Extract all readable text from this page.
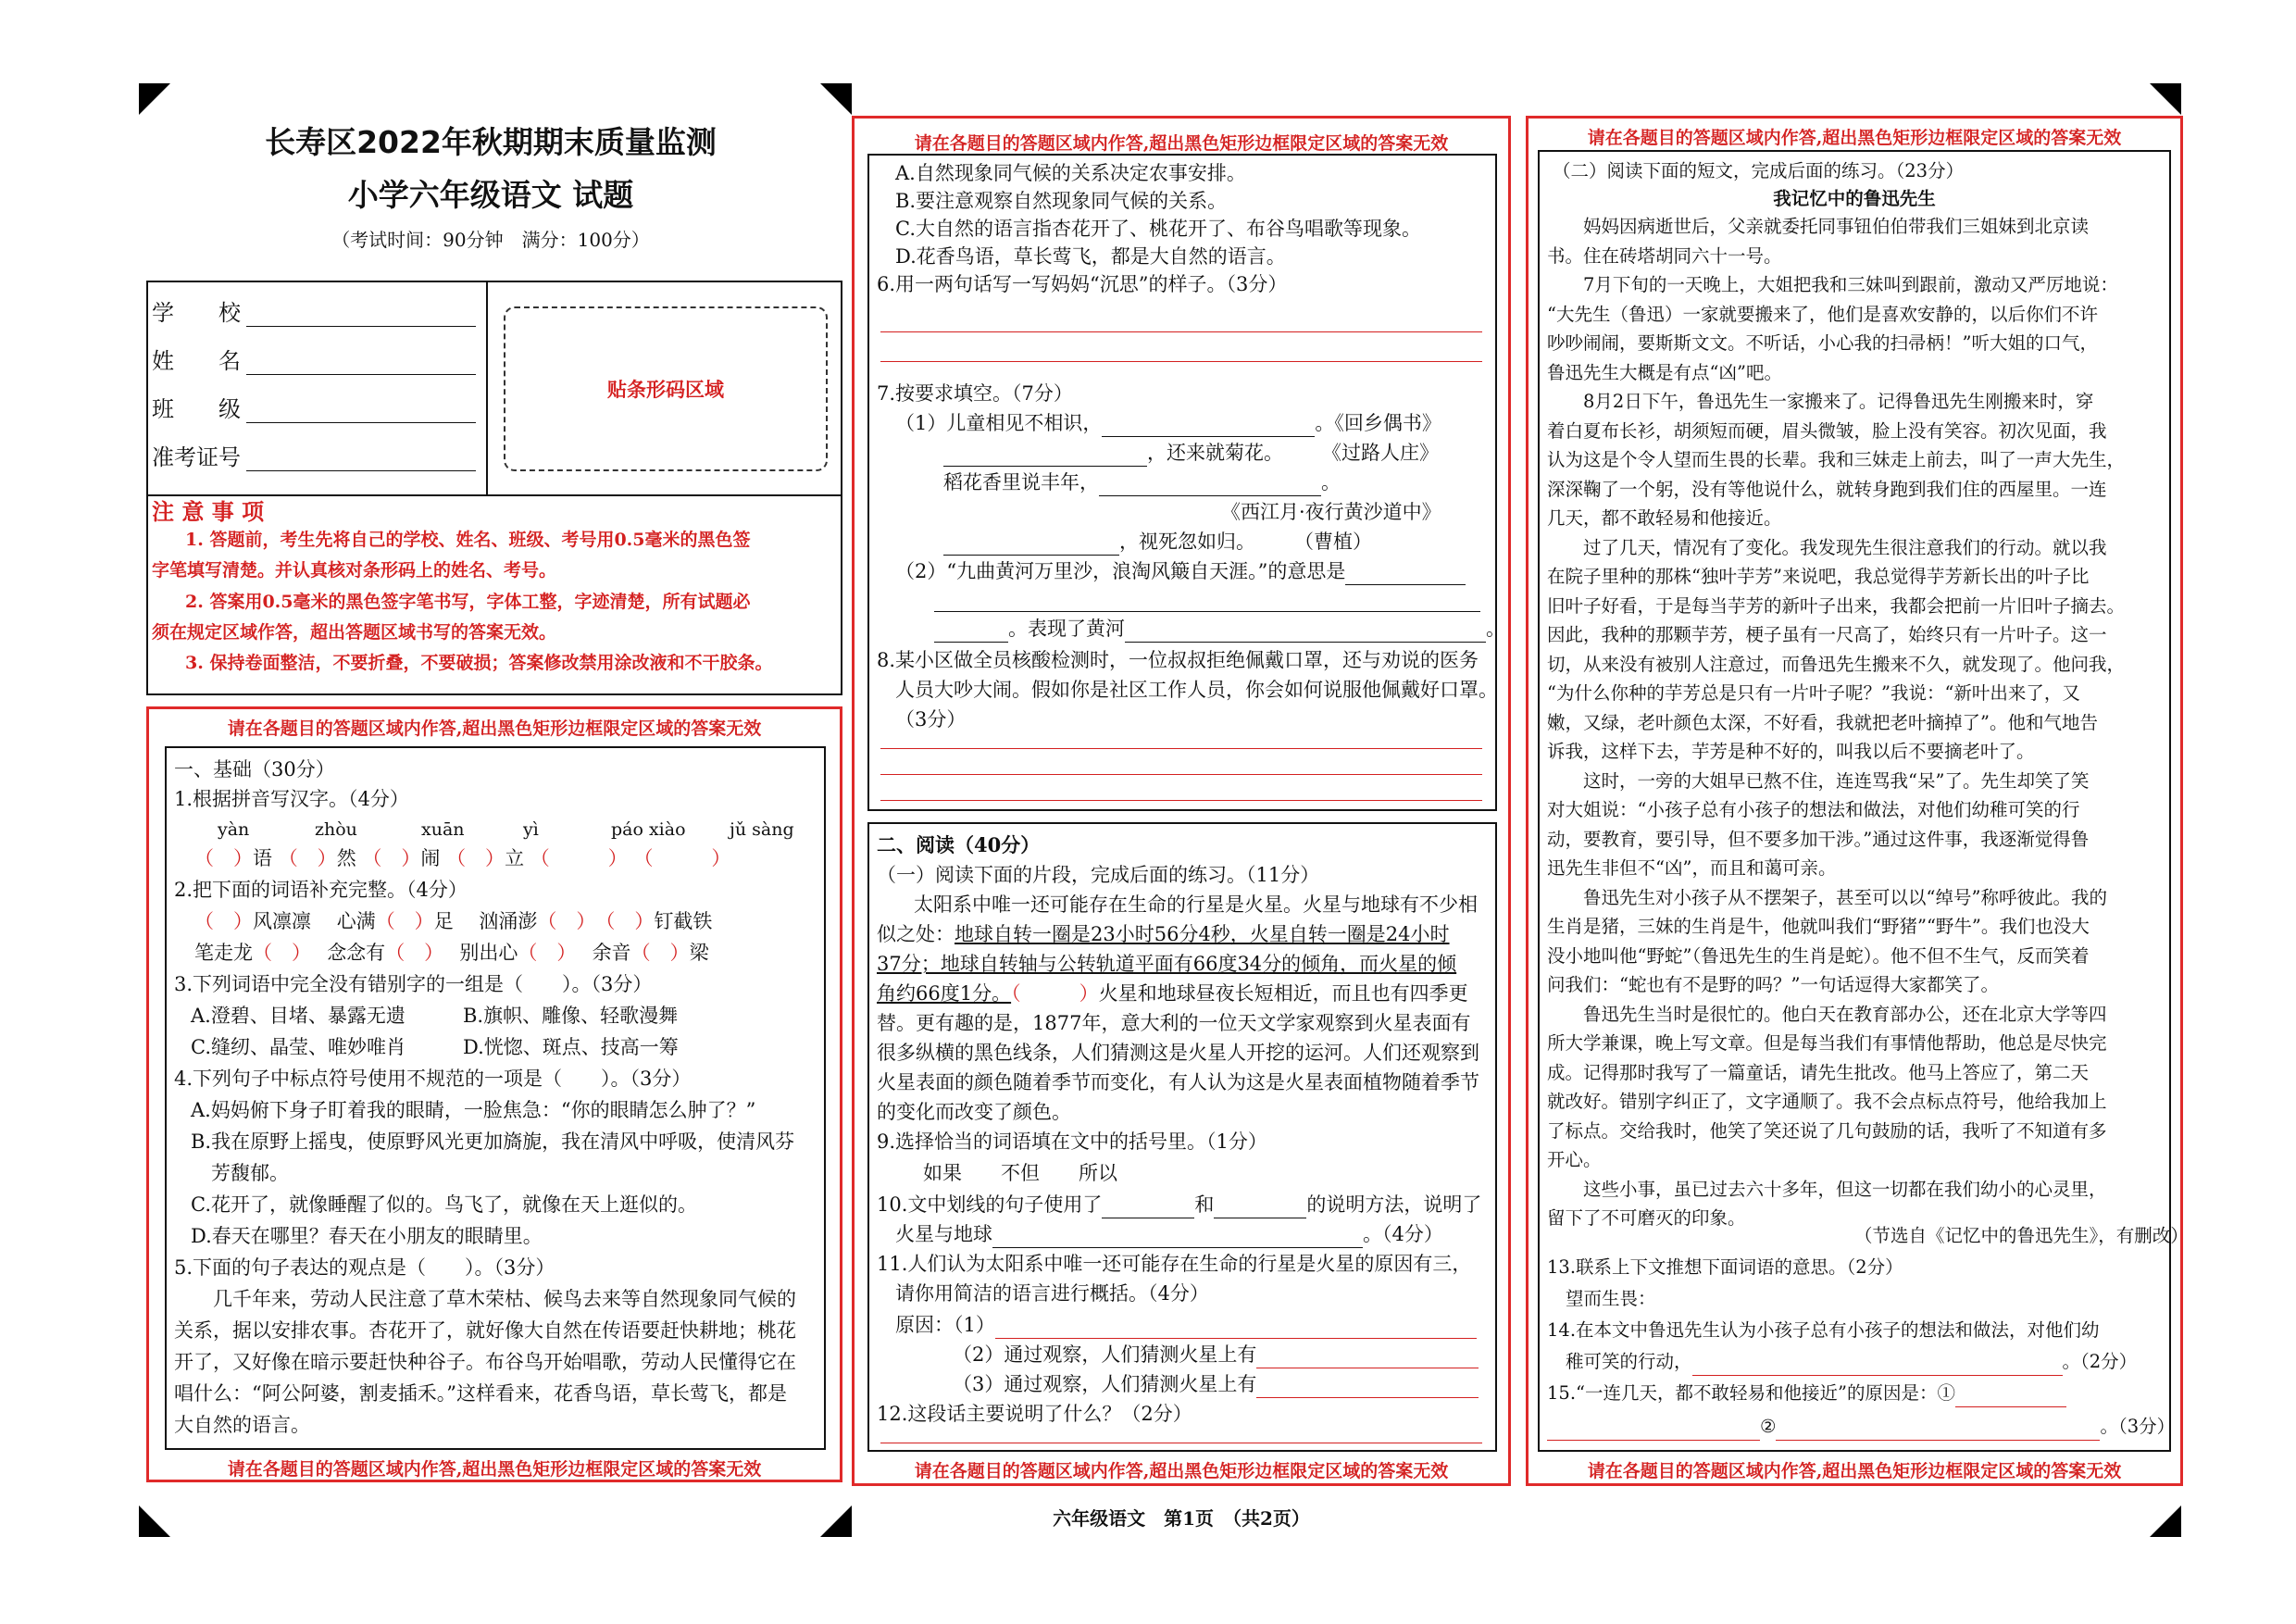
长寿区2022年秋期期末质量监测
小学六年级语文 试题
（考试时间：90分钟　满分：100分）
学　　校
姓　　名
班　　级
准考证号
贴条形码区域
注 意 事 项
1. 答题前，考生先将自己的学校、姓名、班级、考号用0.5毫米的黑色签
字笔填写清楚。并认真核对条形码上的姓名、考号。
2. 答案用0.5毫米的黑色签字笔书写，字体工整，字迹清楚，所有试题必
须在规定区域作答，超出答题区域书写的答案无效。
3. 保持卷面整洁，不要折叠，不要破损；答案修改禁用涂改液和不干胶条。
请在各题目的答题区域内作答,超出黑色矩形边框限定区域的答案无效
请在各题目的答题区域内作答,超出黑色矩形边框限定区域的答案无效
一、基础（30分）
1.根据拼音写汉字。（4分）
yàn	zhòu	xuān	yì	páo xiào jǔ sàng
（　）语 （　）然 （　）闹 （　）立 （　　　） （　　　）
2.把下面的词语补充完整。（4分）
（　）风凛凛　 心满（　）足　 汹涌澎（　）　 （　）钉截铁
笔走龙（　）　 念念有（　）　 别出心（　）　 余音（　）梁
3.下列词语中完全没有错别字的一组是（　　）。（3分）
A.澄碧、目堵、暴露无遗	B.旗帜、雕像、轻歌漫舞
C.缝纫、晶莹、唯妙唯肖	D.恍惚、斑点、技高一筹
4.下列句子中标点符号使用不规范的一项是（　　）。（3分）
A.妈妈俯下身子盯着我的眼睛，一脸焦急：“你的眼睛怎么肿了？”
B.我在原野上摇曳，使原野风光更加旖旎，我在清风中呼吸，使清风芬
芳馥郁。
C.花开了，就像睡醒了似的。鸟飞了，就像在天上逛似的。
D.春天在哪里？春天在小朋友的眼睛里。
5.下面的句子表达的观点是（　　）。（3分）
几千年来，劳动人民注意了草木荣枯、候鸟去来等自然现象同气候的
关系，据以安排农事。杏花开了，就好像大自然在传语要赶快耕地；桃花
开了，又好像在暗示要赶快种谷子。布谷鸟开始唱歌，劳动人民懂得它在
唱什么：“阿公阿婆，割麦插禾。”这样看来，花香鸟语，草长莺飞，都是
大自然的语言。
请在各题目的答题区域内作答,超出黑色矩形边框限定区域的答案无效
请在各题目的答题区域内作答,超出黑色矩形边框限定区域的答案无效
A.自然现象同气候的关系决定农事安排。
B.要注意观察自然现象同气候的关系。
C.大自然的语言指杏花开了、桃花开了、布谷鸟唱歌等现象。
D.花香鸟语，草长莺飞，都是大自然的语言。
6.用一两句话写一写妈妈“沉思”的样子。（3分）
7.按要求填空。（7分）
（1）儿童相见不相识，	。《回乡偶书》
，还来就菊花。　　　	《过路人庄》
稻花香里说丰年，	。
《西江月·夜行黄沙道中》
，视死忽如归。　　　	（曹植）
（2）“九曲黄河万里沙，浪淘风簸自天涯。”的意思是
。表现了黄河	。
8.某小区做全员核酸检测时，一位叔叔拒绝佩戴口罩，还与劝说的医务
人员大吵大闹。假如你是社区工作人员，你会如何说服他佩戴好口罩。
（3分）
二、阅读（40分）
（一）阅读下面的片段，完成后面的练习。（11分）
太阳系中唯一还可能存在生命的行星是火星。火星与地球有不少相
似之处：地球自转一圈是23小时56分4秒，火星自转一圈是24小时
37分；地球自转轴与公转轨道平面有66度34分的倾角，而火星的倾
角约66度1分。（　　　）火星和地球昼夜长短相近，而且也有四季更
替。更有趣的是，1877年，意大利的一位天文学家观察到火星表面有
很多纵横的黑色线条，人们猜测这是火星人开挖的运河。人们还观察到
火星表面的颜色随着季节而变化，有人认为这是火星表面植物随着季节
的变化而改变了颜色。
9.选择恰当的词语填在文中的括号里。（1分）
如果　　不但　　所以
10.文中划线的句子使用了	和	的说明方法，说明了
火星与地球	。（4分）
11.人们认为太阳系中唯一还可能存在生命的行星是火星的原因有三，
请你用简洁的语言进行概括。（4分）
原因：（1）
（2）通过观察，人们猜测火星上有
（3）通过观察，人们猜测火星上有
12.这段话主要说明了什么？（2分）
请在各题目的答题区域内作答,超出黑色矩形边框限定区域的答案无效
请在各题目的答题区域内作答,超出黑色矩形边框限定区域的答案无效
（二）阅读下面的短文，完成后面的练习。（23分）
我记忆中的鲁迅先生
　　妈妈因病逝世后，父亲就委托同事钮伯伯带我们三姐妹到北京读
书。住在砖塔胡同六十一号。
　　7月下旬的一天晚上，大姐把我和三妹叫到跟前，激动又严厉地说：
“大先生（鲁迅）一家就要搬来了，他们是喜欢安静的，以后你们不许
吵吵闹闹，要斯斯文文。不听话，小心我的扫帚柄！”听大姐的口气，
鲁迅先生大概是有点“凶”吧。
　　8月2日下午，鲁迅先生一家搬来了。记得鲁迅先生刚搬来时，穿
着白夏布长衫，胡须短而硬，眉头微皱，脸上没有笑容。初次见面，我
认为这是个令人望而生畏的长辈。我和三妹走上前去，叫了一声大先生，
深深鞠了一个躬，没有等他说什么，就转身跑到我们住的西屋里。一连
几天，都不敢轻易和他接近。
　　过了几天，情况有了变化。我发现先生很注意我们的行动。就以我
在院子里种的那株“独叶芋芳”来说吧，我总觉得芋芳新长出的叶子比
旧叶子好看，于是每当芋芳的新叶子出来，我都会把前一片旧叶子摘去。
因此，我种的那颗芋芳，梗子虽有一尺高了，始终只有一片叶子。这一
切，从来没有被别人注意过，而鲁迅先生搬来不久，就发现了。他问我，
“为什么你种的芋芳总是只有一片叶子呢？”我说：“新叶出来了，又
嫩，又绿，老叶颜色太深，不好看，我就把老叶摘掉了”。他和气地告
诉我，这样下去，芋芳是种不好的，叫我以后不要摘老叶了。
　　这时，一旁的大姐早已熬不住，连连骂我“呆”了。先生却笑了笑
对大姐说：“小孩子总有小孩子的想法和做法，对他们幼稚可笑的行
动，要教育，要引导，但不要多加干涉。”通过这件事，我逐渐觉得鲁
迅先生非但不“凶”，而且和蔼可亲。
　　鲁迅先生对小孩子从不摆架子，甚至可以以“绰号”称呼彼此。我的
生肖是猪，三妹的生肖是牛，他就叫我们“野猪”“野牛”。我们也没大
没小地叫他“野蛇”（鲁迅先生的生肖是蛇）。他不但不生气，反而笑着
问我们：“蛇也有不是野的吗？”一句话逗得大家都笑了。
　　鲁迅先生当时是很忙的。他白天在教育部办公，还在北京大学等四
所大学兼课，晚上写文章。但是每当我们有事情他帮助，他总是尽快完
成。记得那时我写了一篇童话，请先生批改。他马上答应了，第二天
就改好。错别字纠正了，文字通顺了。我不会点标点符号，他给我加上
了标点。交给我时，他笑了笑还说了几句鼓励的话，我听了不知道有多
开心。
　　这些小事，虽已过去六十多年，但这一切都在我们幼小的心灵里，
留下了不可磨灭的印象。
（节选自《记忆中的鲁迅先生》，有删改）
13.联系上下文推想下面词语的意思。（2分）
望而生畏：
14.在本文中鲁迅先生认为小孩子总有小孩子的想法和做法，对他们幼
稚可笑的行动，	。（2分）
15.“一连几天，都不敢轻易和他接近”的原因是：①
②	。（3分）
六年级语文　第1页　（共2页）
